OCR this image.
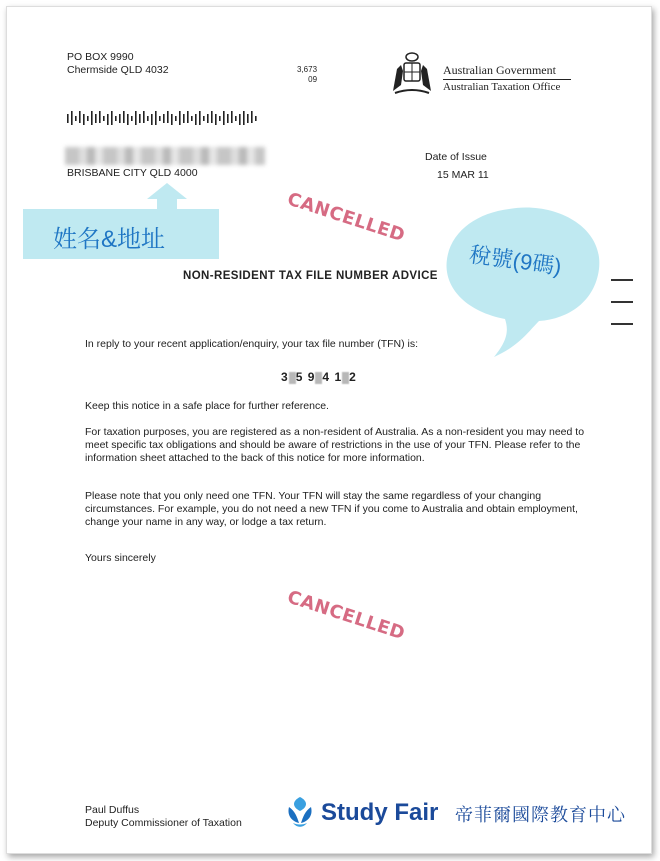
PO BOX 9990
Chermside QLD 4032	3,673
09
Australian Government
Australian Taxation Office
BRISBANE CITY QLD 4000
Date of Issue
15 MAR 11
姓名&地址	CANCELLED
NON-RESIDENT TAX FILE NUMBER ADVICE 稅號(9碼)
In reply to your recent application/enquiry, your tax file number (TFN) is:
3 5 9 4 1 2
Keep this notice in a safe place for further reference.
For taxation purposes, you are registered as a non-resident of Australia. As a non-resident you may need to meet specific tax obligations and should be aware of restrictions in the use of your TFN. Please refer to the information sheet attached to the back of this notice for more information.
Please note that you only need one TFN. Your TFN will stay the same regardless of your changing circumstances. For example, you do not need a new TFN if you come to Australia and obtain employment, change your name in any way, or lodge a tax return.
Yours sincerely
CANCELLED
Paul Duffus
Deputy Commissioner of Taxation	Study Fair 帝菲爾國際教育中心
